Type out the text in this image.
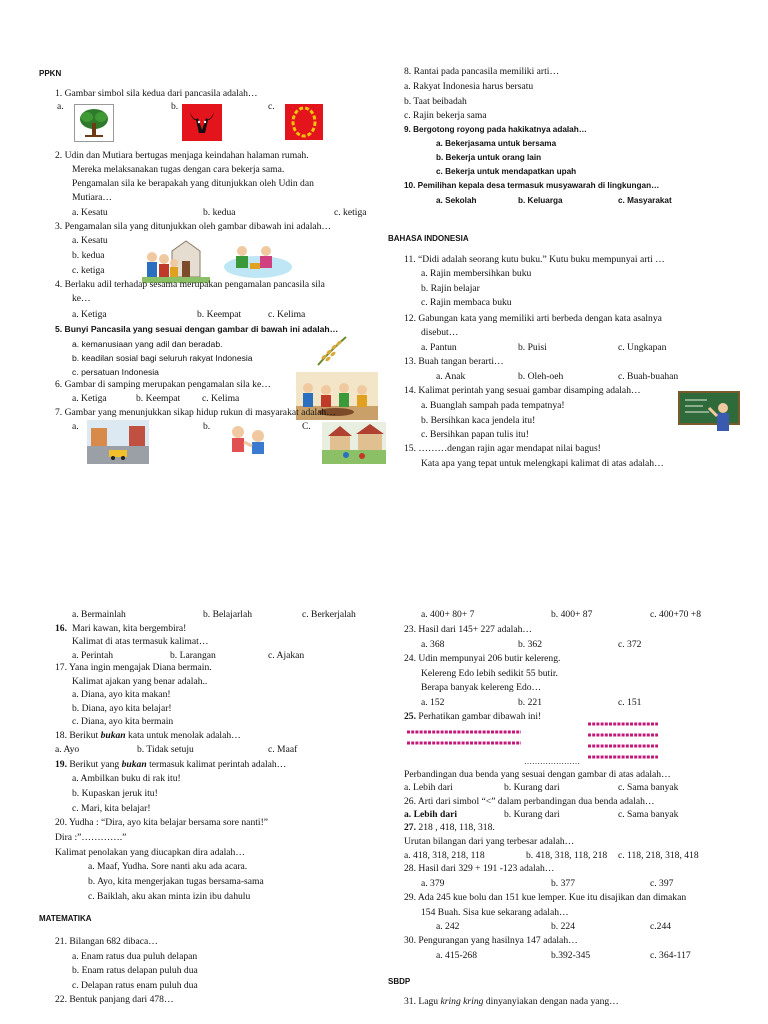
PPKN
BAHASA INDONESIA
MATEMATIKA
SBDP
1. Gambar simbol sila kedua dari pancasila adalah…
a.	b.	c.
2. Udin dan Mutiara bertugas menjaga keindahan halaman rumah.
Mereka melaksanakan tugas dengan cara bekerja sama.
Pengamalan sila ke berapakah yang ditunjukkan oleh Udin dan
Mutiara…
a. Kesatu	b. kedua	c. ketiga
3. Pengamalan sila yang ditunjukkan oleh gambar dibawah ini adalah…
a. Kesatu
b. kedua
c. ketiga
4. Berlaku adil terhadap sesama merupakan pengamalan pancasila sila
ke…
a. Ketiga	b. Keempat	c. Kelima
5. Bunyi Pancasila yang sesuai dengan gambar di bawah ini adalah…
a. kemanusiaan yang adil dan beradab.
b. keadilan sosial bagi seluruh rakyat Indonesia
c. persatuan Indonesia
6. Gambar di samping merupakan pengamalan sila ke…
a. Ketiga	b. Keempat c. Kelima
7. Gambar yang menunjukkan sikap hidup rukun di masyarakat adalah…
a.	b.	C.
8. Rantai pada pancasila memiliki arti…
a. Rakyat Indonesia harus bersatu
b. Taat beibadah
c. Rajin bekerja sama
9. Bergotong royong pada hakikatnya adalah…
a. Bekerjasama untuk bersama
b. Bekerja untuk orang lain
c. Bekerja untuk mendapatkan upah
10. Pemilihan kepala desa termasuk musyawarah di lingkungan…
a. Sekolah	b. Keluarga	c. Masyarakat
11. “Didi adalah seorang kutu buku.” Kutu buku mempunyai arti …
a. Rajin membersihkan buku
b. Rajin belajar
c. Rajin membaca buku
12. Gabungan kata yang memiliki arti berbeda dengan kata asalnya
disebut…
a. Pantun	b. Puisi	c. Ungkapan
13. Buah tangan berarti…
a. Anak	b. Oleh-oeh	c. Buah-buahan
14. Kalimat perintah yang sesuai gambar disamping adalah…
a. Buanglah sampah pada tempatnya!
b. Bersihkan kaca jendela itu!
c. Bersihkan papan tulis itu!
15. ………dengan rajin agar mendapat nilai bagus!
Kata apa yang tepat untuk melengkapi kalimat di atas adalah…
a. Bermainlah	b. Belajarlah	c. Berkerjalah
16. Mari kawan, kita bergembira!
Kalimat di atas termasuk kalimat…
a. Perintah	b. Larangan	c. Ajakan
17. Yana ingin mengajak Diana bermain.
Kalimat ajakan yang benar adalah..
a. Diana, ayo kita makan!
b. Diana, ayo kita belajar!
c. Diana, ayo kita bermain
18. Berikut bukan kata untuk menolak adalah…
a. Ayo	b. Tidak setuju	c. Maaf
19. Berikut yang bukan termasuk kalimat perintah adalah…
a. Ambilkan buku di rak itu!
b. Kupaskan jeruk itu!
c. Mari, kita belajar!
20. Yudha : “Dira, ayo kita belajar bersama sore nanti!”
Dira :”………….”
Kalimat penolakan yang diucapkan dira adalah…
a. Maaf, Yudha. Sore nanti aku ada acara.
b. Ayo, kita mengerjakan tugas bersama-sama
c. Baiklah, aku akan minta izin ibu dahulu
21. Bilangan 682 dibaca…
a. Enam ratus dua puluh delapan
b. Enam ratus delapan puluh dua
c. Delapan ratus enam puluh dua
22. Bentuk panjang dari 478…
a. 400+ 80+ 7	b. 400+ 87	c. 400+70 +8
23. Hasil dari 145+ 227 adalah…
a. 368	b. 362	c. 372
24. Udin mempunyai 206 butir kelereng.
Kelereng Edo lebih sedikit 55 butir.
Berapa banyak kelereng Edo…
a. 152	b. 221	c. 151
25. Perhatikan gambar dibawah ini!
…………………
Perbandingan dua benda yang sesuai dengan gambar di atas adalah…
a. Lebih dari	b. Kurang dari	c. Sama banyak
26. Arti dari simbol “<” dalam perbandingan dua benda adalah…
a. Lebih dari	b. Kurang dari	c. Sama banyak
27. 218 , 418, 118, 318.
Urutan bilangan dari yang terbesar adalah…
a. 418, 318, 218, 118	b. 418, 318, 118, 218 c. 118, 218, 318, 418
28. Hasil dari 329 + 191 -123 adalah…
a. 379	b. 377	c. 397
29. Ada 245 kue bolu dan 151 kue lemper. Kue itu disajikan dan dimakan
154 Buah. Sisa kue sekarang adalah…
a. 242	b. 224	c.244
30. Pengurangan yang hasilnya 147 adalah…
a. 415-268	b.392-345	c. 364-117
31. Lagu kring kring dinyanyiakan dengan nada yang…
